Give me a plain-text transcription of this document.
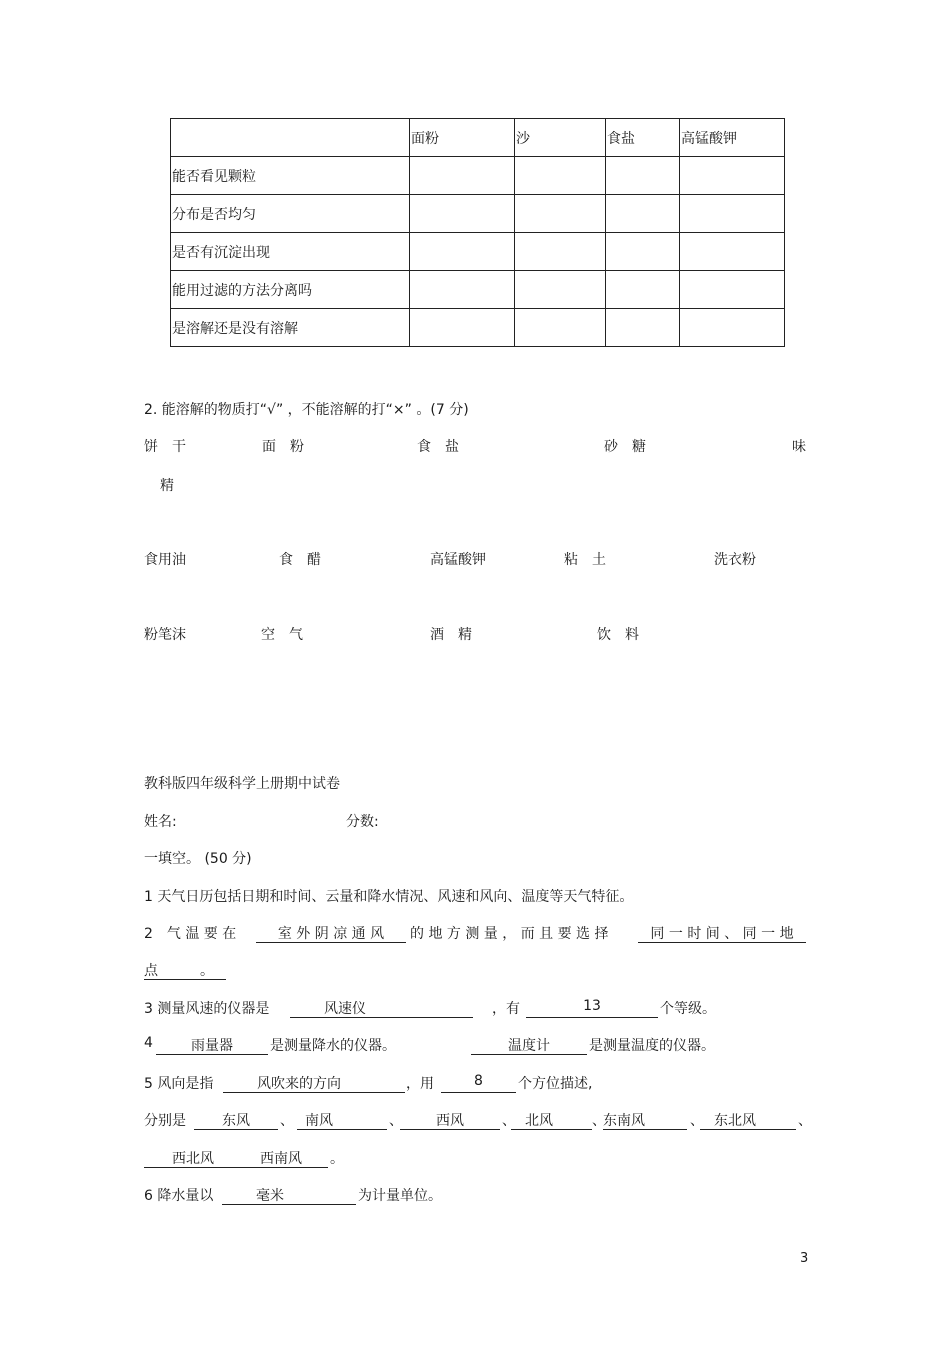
	面粉	沙	食盐	高锰酸钾
能否看见颗粒				
分布是否均匀				
是否有沉淀出现				
能用过滤的方法分离吗				
是溶解还是没有溶解				
2. 能溶解的物质打“√” ，不能溶解的打“×” 。(7 分)
饼　干	面　粉	食　盐	砂　糖	味
精
食用油	食　醋	高锰酸钾	粘　土	洗衣粉
粉笔沫	空　气	酒　精	饮　料
教科版四年级科学上册期中试卷
姓名:	分数:
一填空。 (50 分)
1 天气日历包括日期和时间、云量和降水情况、风速和风向、温度等天气特征。
2　气 温 要 在	室 外 阴 凉 通 风	的 地 方 测 量 ， 而 且 要 选 择	同 一 时 间 、 同 一 地
点　　　。
3 测量风速的仪器是	风速仪	，有	13	个等级。
4	雨量器	是测量降水的仪器。	温度计	是测量温度的仪器。
5 风向是指	风吹来的方向	，用	8	个方位描述,
分别是	东风	、 南风	、	西风	、 北风	、
东南风	、 东北风	、
西北风	西南风	。
6 降水量以	毫米	为计量单位。
3
